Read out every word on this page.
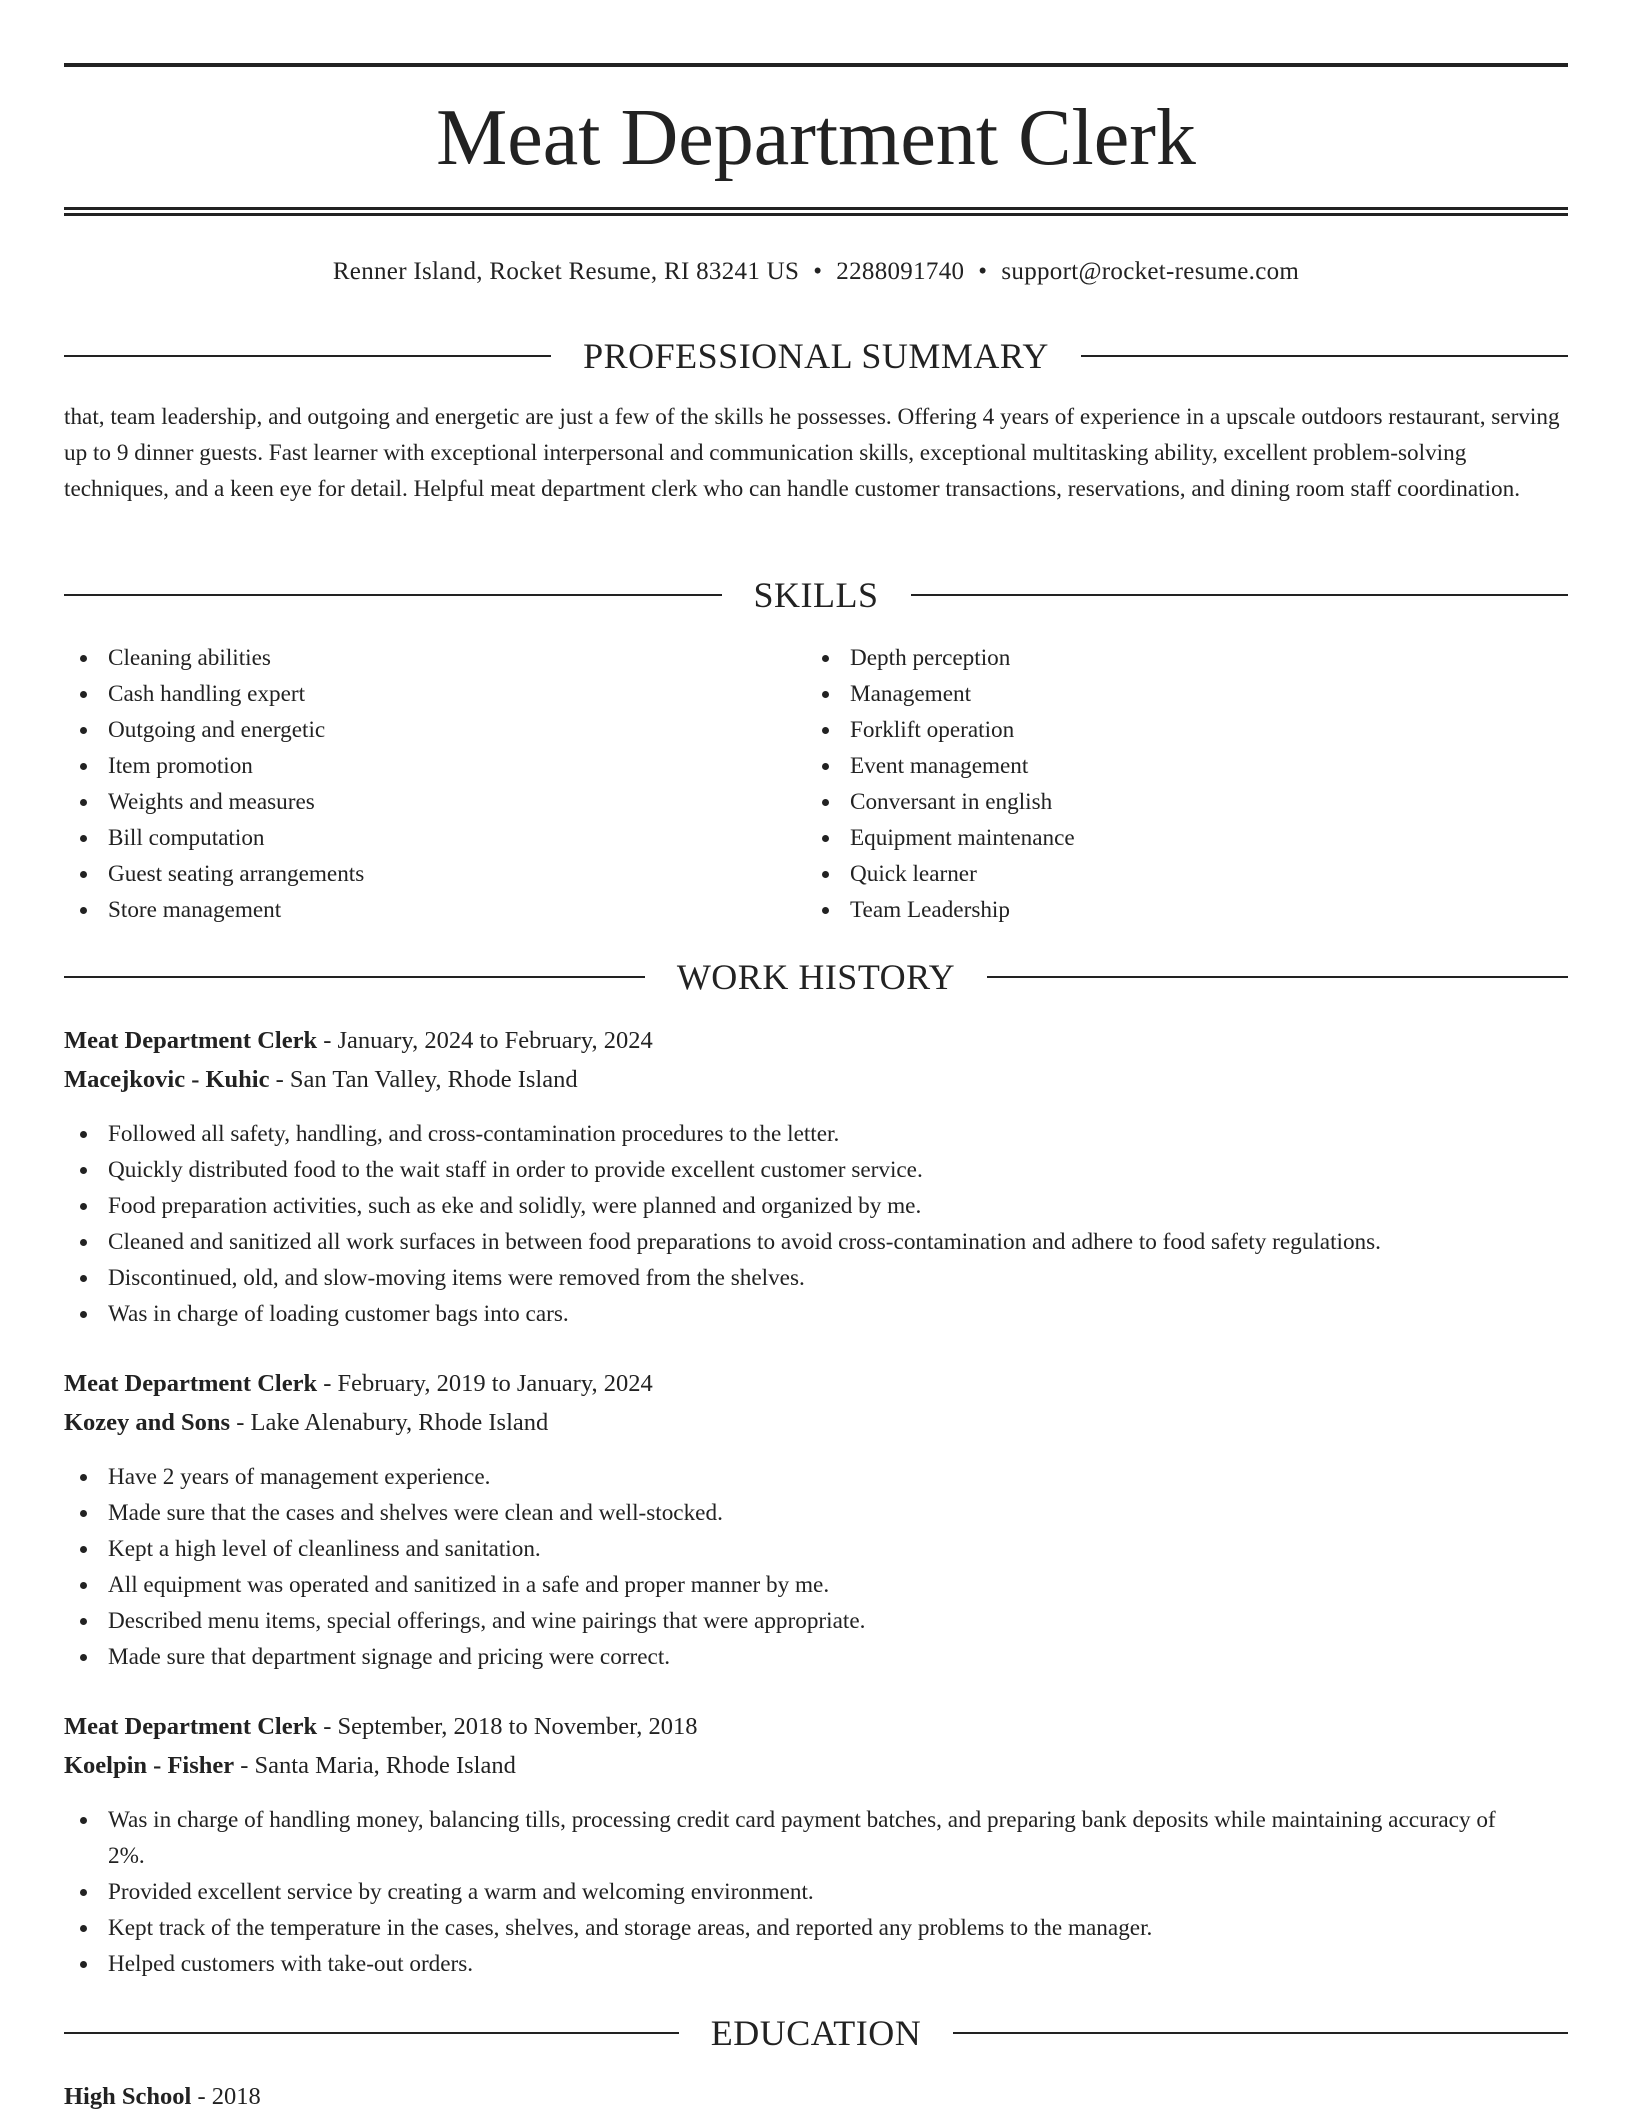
Meat Department Clerk
Renner Island, Rocket Resume, RI 83241 US • 2288091740 • support@rocket-resume.com
PROFESSIONAL SUMMARY
that, team leadership, and outgoing and energetic are just a few of the skills he possesses. Offering 4 years of experience in a upscale outdoors restaurant, serving up to 9 dinner guests. Fast learner with exceptional interpersonal and communication skills, exceptional multitasking ability, excellent problem-solving techniques, and a keen eye for detail. Helpful meat department clerk who can handle customer transactions, reservations, and dining room staff coordination.
SKILLS
Cleaning abilities
Cash handling expert
Outgoing and energetic
Item promotion
Weights and measures
Bill computation
Guest seating arrangements
Store management
Depth perception
Management
Forklift operation
Event management
Conversant in english
Equipment maintenance
Quick learner
Team Leadership
WORK HISTORY
Meat Department Clerk - January, 2024 to February, 2024
Macejkovic - Kuhic - San Tan Valley, Rhode Island
Followed all safety, handling, and cross-contamination procedures to the letter.
Quickly distributed food to the wait staff in order to provide excellent customer service.
Food preparation activities, such as eke and solidly, were planned and organized by me.
Cleaned and sanitized all work surfaces in between food preparations to avoid cross-contamination and adhere to food safety regulations.
Discontinued, old, and slow-moving items were removed from the shelves.
Was in charge of loading customer bags into cars.
Meat Department Clerk - February, 2019 to January, 2024
Kozey and Sons - Lake Alenabury, Rhode Island
Have 2 years of management experience.
Made sure that the cases and shelves were clean and well-stocked.
Kept a high level of cleanliness and sanitation.
All equipment was operated and sanitized in a safe and proper manner by me.
Described menu items, special offerings, and wine pairings that were appropriate.
Made sure that department signage and pricing were correct.
Meat Department Clerk - September, 2018 to November, 2018
Koelpin - Fisher - Santa Maria, Rhode Island
Was in charge of handling money, balancing tills, processing credit card payment batches, and preparing bank deposits while maintaining accuracy of 2%.
Provided excellent service by creating a warm and welcoming environment.
Kept track of the temperature in the cases, shelves, and storage areas, and reported any problems to the manager.
Helped customers with take-out orders.
EDUCATION
High School - 2018
